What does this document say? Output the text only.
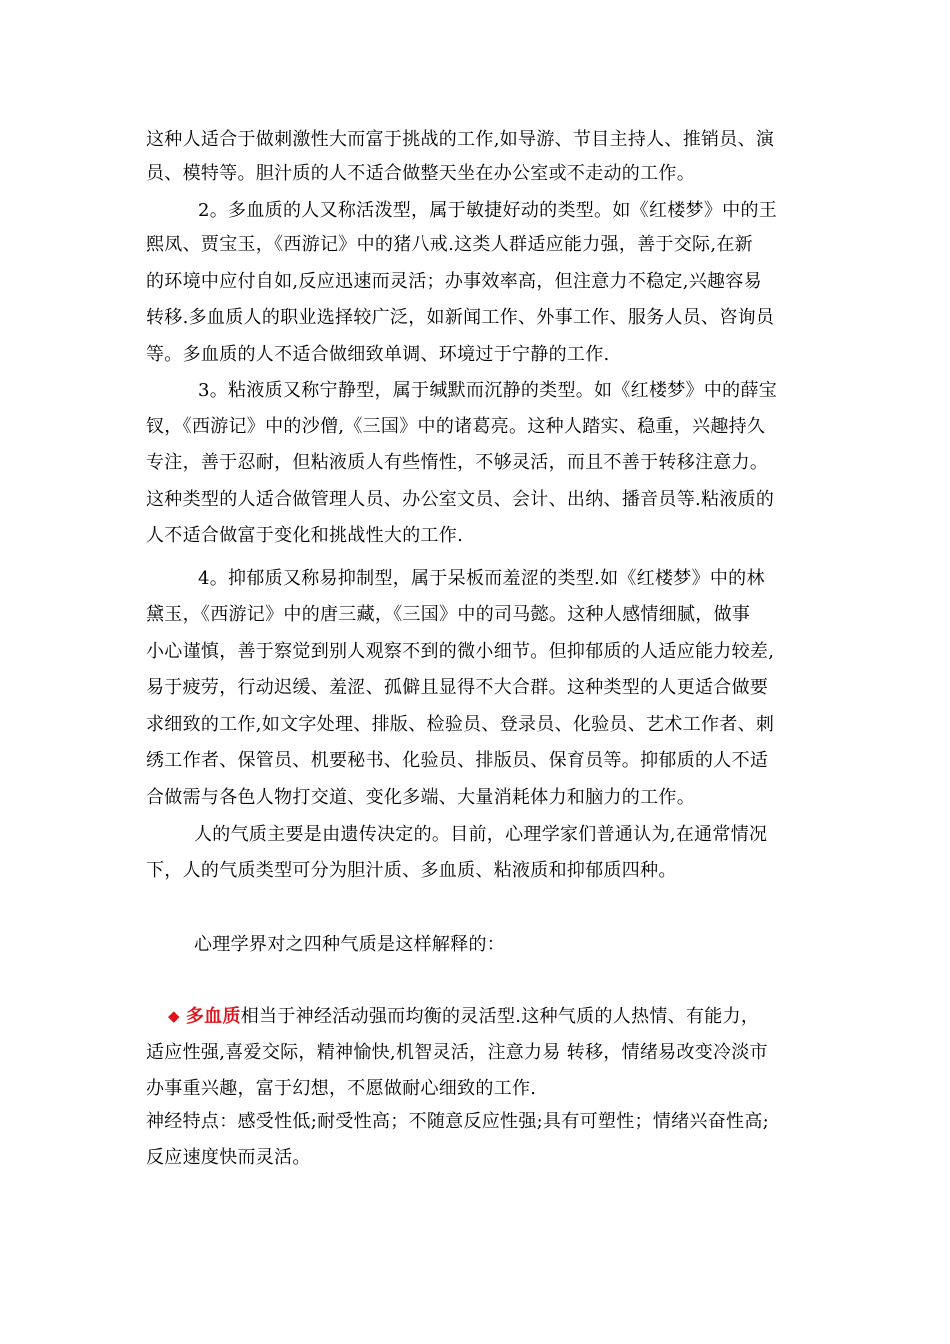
这种人适合于做刺激性大而富于挑战的工作,如导游、节目主持人、推销员、演
员、模特等。胆汁质的人不适合做整天坐在办公室或不走动的工作。
2。多血质的人又称活泼型，属于敏捷好动的类型。如《红楼梦》中的王
熙凤、贾宝玉，《西游记》中的猪八戒.这类人群适应能力强，善于交际,在新
的环境中应付自如,反应迅速而灵活；办事效率高，但注意力不稳定,兴趣容易
转移.多血质人的职业选择较广泛，如新闻工作、外事工作、服务人员、咨询员
等。多血质的人不适合做细致单调、环境过于宁静的工作.
3。粘液质又称宁静型，属于缄默而沉静的类型。如《红楼梦》中的薛宝
钗，《西游记》中的沙僧,《三国》中的诸葛亮。这种人踏实、稳重，兴趣持久
专注，善于忍耐，但粘液质人有些惰性，不够灵活，而且不善于转移注意力。
这种类型的人适合做管理人员、办公室文员、会计、出纳、播音员等.粘液质的
人不适合做富于变化和挑战性大的工作.
4。抑郁质又称易抑制型，属于呆板而羞涩的类型.如《红楼梦》中的林
黛玉，《西游记》中的唐三藏，《三国》中的司马懿。这种人感情细腻，做事
小心谨慎，善于察觉到别人观察不到的微小细节。但抑郁质的人适应能力较差,
易于疲劳，行动迟缓、羞涩、孤僻且显得不大合群。这种类型的人更适合做要
求细致的工作,如文字处理、排版、检验员、登录员、化验员、艺术工作者、刺
绣工作者、保管员、机要秘书、化验员、排版员、保育员等。抑郁质的人不适
合做需与各色人物打交道、变化多端、大量消耗体力和脑力的工作。
人的气质主要是由遗传决定的。目前，心理学家们普通认为,在通常情况
下，人的气质类型可分为胆汁质、多血质、粘液质和抑郁质四种。
心理学界对之四种气质是这样解释的：
◆ 多血质相当于神经活动强而均衡的灵活型.这种气质的人热情、有能力，
适应性强,喜爱交际，精神愉快,机智灵活，注意力易 转移，情绪易改变冷淡市
办事重兴趣，富于幻想，不愿做耐心细致的工作.
神经特点：感受性低;耐受性高；不随意反应性强;具有可塑性；情绪兴奋性高;
反应速度快而灵活。
